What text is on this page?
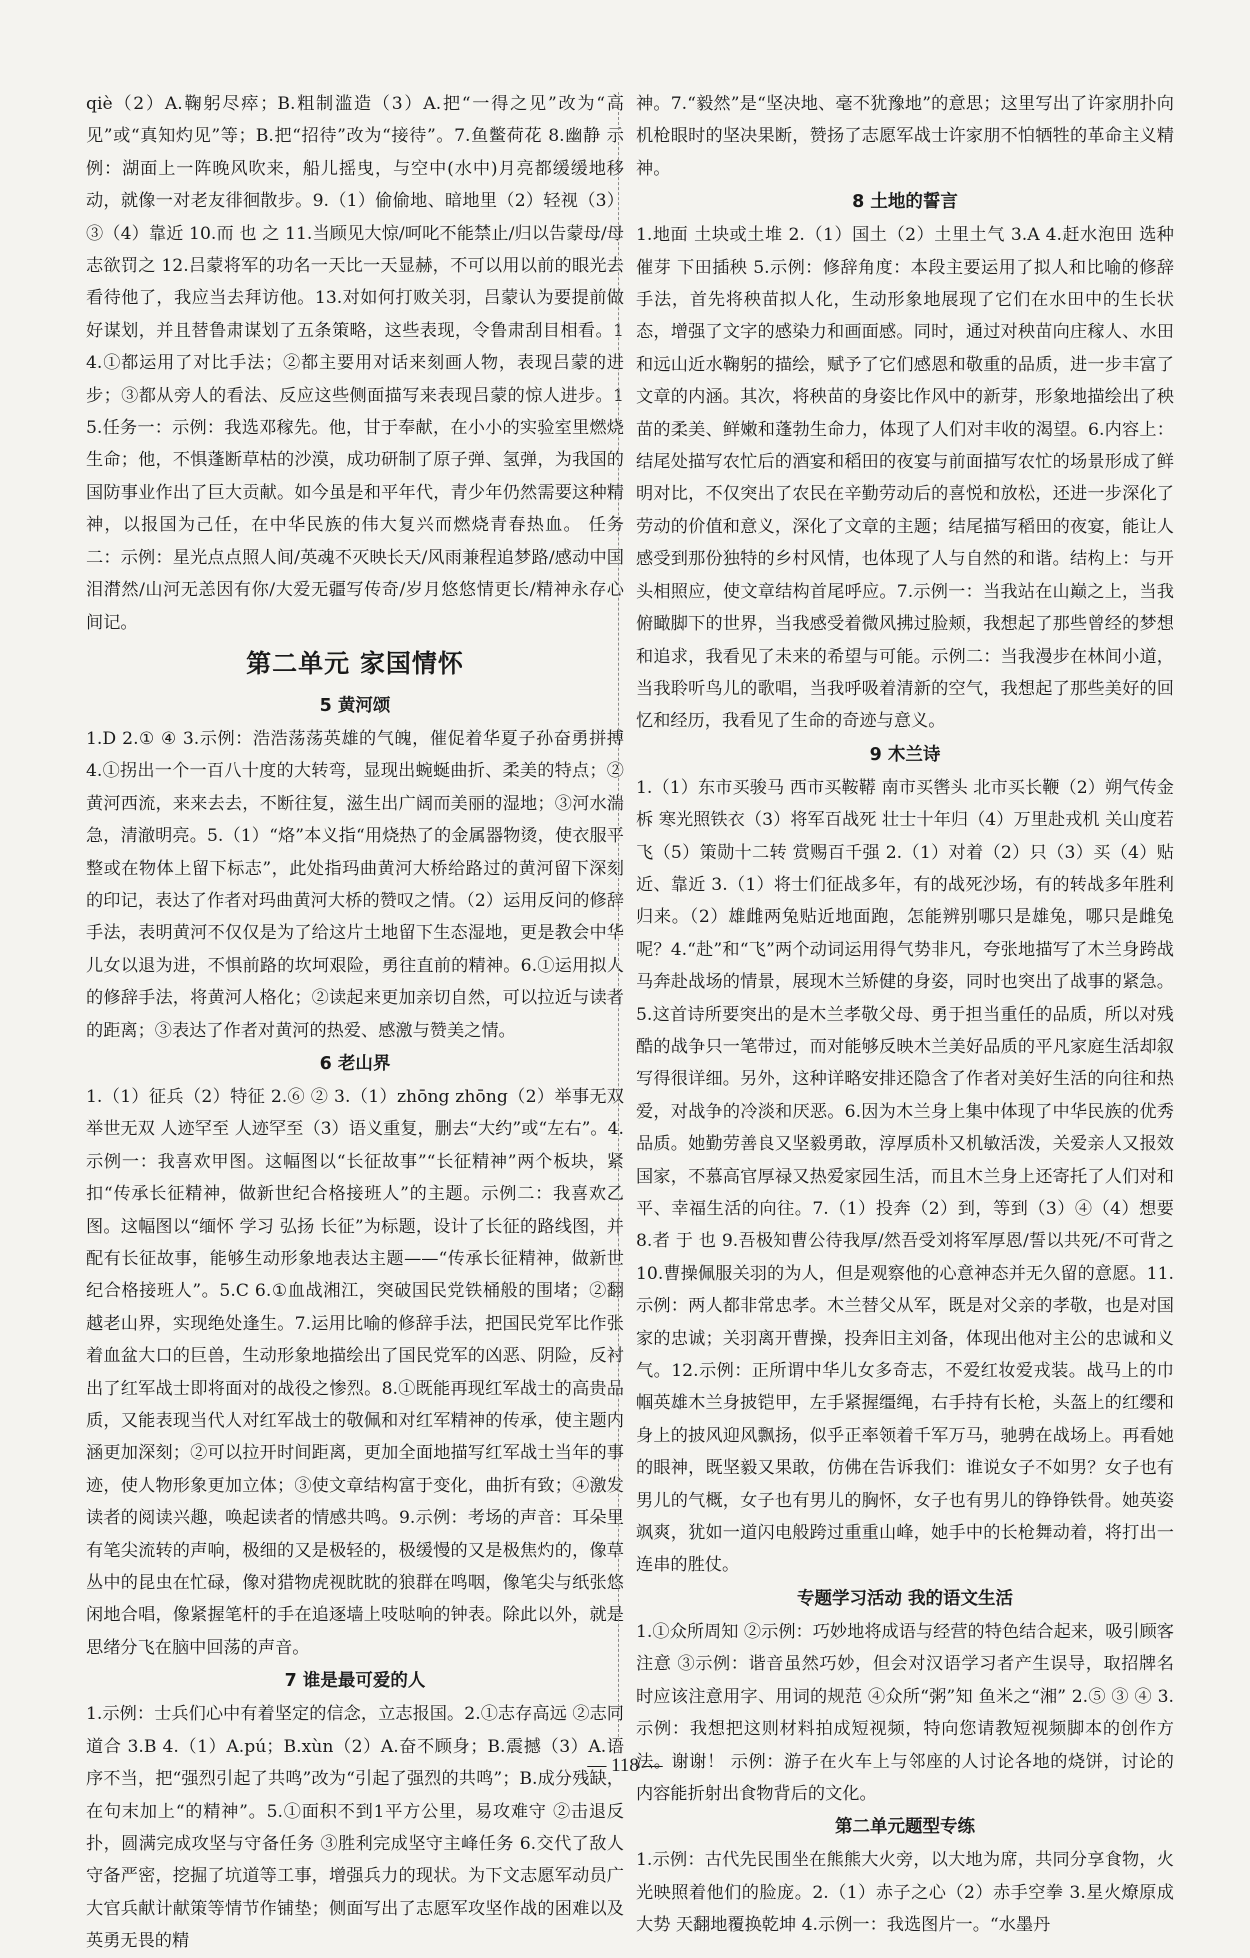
qiè（2）A.鞠躬尽瘁；B.粗制滥造（3）A.把“一得之见”改为“高见”或“真知灼见”等；B.把“招待”改为“接待”。7.鱼鳖荷花 8.幽静 示例：湖面上一阵晚风吹来，船儿摇曳，与空中(水中)月亮都缓缓地移动，就像一对老友徘徊散步。9.（1）偷偷地、暗地里（2）轻视（3）③（4）靠近 10.而 也 之 11.当顾见大惊/呵叱不能禁止/归以告蒙母/母志欲罚之 12.吕蒙将军的功名一天比一天显赫，不可以用以前的眼光去看待他了，我应当去拜访他。13.对如何打败关羽，吕蒙认为要提前做好谋划，并且替鲁肃谋划了五条策略，这些表现，令鲁肃刮目相看。14.①都运用了对比手法；②都主要用对话来刻画人物，表现吕蒙的进步；③都从旁人的看法、反应这些侧面描写来表现吕蒙的惊人进步。15.任务一：示例：我选邓稼先。他，甘于奉献，在小小的实验室里燃烧生命；他，不惧蓬断草枯的沙漠，成功研制了原子弹、氢弹，为我国的国防事业作出了巨大贡献。如今虽是和平年代，青少年仍然需要这种精神，以报国为己任，在中华民族的伟大复兴而燃烧青春热血。 任务二：示例：星光点点照人间/英魂不灭映长天/风雨兼程追梦路/感动中国泪潸然/山河无恙因有你/大爱无疆写传奇/岁月悠悠情更长/精神永存心间记。

第二单元 家国情怀
5 黄河颂

1.D 2.① ④ 3.示例：浩浩荡荡英雄的气魄，催促着华夏子孙奋勇拼搏 4.①拐出一个一百八十度的大转弯，显现出蜿蜒曲折、柔美的特点；②黄河西流，来来去去，不断往复，滋生出广阔而美丽的湿地；③河水湍急，清澈明亮。5.（1）“烙”本义指“用烧热了的金属器物烫，使衣服平整或在物体上留下标志”，此处指玛曲黄河大桥给路过的黄河留下深刻的印记，表达了作者对玛曲黄河大桥的赞叹之情。（2）运用反问的修辞手法，表明黄河不仅仅是为了给这片土地留下生态湿地，更是教会中华儿女以退为进，不惧前路的坎坷艰险，勇往直前的精神。6.①运用拟人的修辞手法，将黄河人格化；②读起来更加亲切自然，可以拉近与读者的距离；③表达了作者对黄河的热爱、感激与赞美之情。

6 老山界

1.（1）征兵（2）特征 2.⑥ ② 3.（1）zhōng zhōng（2）举事无双 举世无双 人迹罕至 人迹罕至（3）语义重复，删去“大约”或“左右”。4.示例一：我喜欢甲图。这幅图以“长征故事”“长征精神”两个板块，紧扣“传承长征精神，做新世纪合格接班人”的主题。示例二：我喜欢乙图。这幅图以“缅怀 学习 弘扬 长征”为标题，设计了长征的路线图，并配有长征故事，能够生动形象地表达主题——“传承长征精神，做新世纪合格接班人”。5.C 6.①血战湘江，突破国民党铁桶般的围堵；②翻越老山界，实现绝处逢生。7.运用比喻的修辞手法，把国民党军比作张着血盆大口的巨兽，生动形象地描绘出了国民党军的凶恶、阴险，反衬出了红军战士即将面对的战役之惨烈。8.①既能再现红军战士的高贵品质，又能表现当代人对红军战士的敬佩和对红军精神的传承，使主题内涵更加深刻；②可以拉开时间距离，更加全面地描写红军战士当年的事迹，使人物形象更加立体；③使文章结构富于变化，曲折有致；④激发读者的阅读兴趣，唤起读者的情感共鸣。9.示例：考场的声音：耳朵里有笔尖流转的声响，极细的又是极轻的，极缓慢的又是极焦灼的，像草丛中的昆虫在忙碌，像对猎物虎视眈眈的狼群在鸣咽，像笔尖与纸张悠闲地合唱，像紧握笔杆的手在追逐墙上吱哒响的钟表。除此以外，就是思绪分飞在脑中回荡的声音。

7 谁是最可爱的人

1.示例：士兵们心中有着坚定的信念，立志报国。2.①志存高远 ②志同道合 3.B 4.（1）A.pú；B.xùn（2）A.奋不顾身；B.震撼（3）A.语序不当，把“强烈引起了共鸣”改为“引起了强烈的共鸣”；B.成分残缺，在句末加上“的精神”。5.①面积不到1平方公里，易攻难守 ②击退反扑，圆满完成攻坚与守备任务 ③胜利完成坚守主峰任务 6.交代了敌人守备严密，挖掘了坑道等工事，增强兵力的现状。为下文志愿军动员广大官兵献计献策等情节作铺垫；侧面写出了志愿军攻坚作战的困难以及英勇无畏的精

神。7.“毅然”是“坚决地、毫不犹豫地”的意思；这里写出了许家朋扑向机枪眼时的坚决果断，赞扬了志愿军战士许家朋不怕牺牲的革命主义精神。

8 土地的誓言

1.地面 土块或土堆 2.（1）国土（2）土里土气 3.A 4.赶水泡田 选种催芽 下田插秧 5.示例：修辞角度：本段主要运用了拟人和比喻的修辞手法，首先将秧苗拟人化，生动形象地展现了它们在水田中的生长状态，增强了文字的感染力和画面感。同时，通过对秧苗向庄稼人、水田和远山近水鞠躬的描绘，赋予了它们感恩和敬重的品质，进一步丰富了文章的内涵。其次，将秧苗的身姿比作风中的新芽，形象地描绘出了秧苗的柔美、鲜嫩和蓬勃生命力，体现了人们对丰收的渴望。6.内容上：结尾处描写农忙后的酒宴和稻田的夜宴与前面描写农忙的场景形成了鲜明对比，不仅突出了农民在辛勤劳动后的喜悦和放松，还进一步深化了劳动的价值和意义，深化了文章的主题；结尾描写稻田的夜宴，能让人感受到那份独特的乡村风情，也体现了人与自然的和谐。结构上：与开头相照应，使文章结构首尾呼应。7.示例一：当我站在山巅之上，当我俯瞰脚下的世界，当我感受着微风拂过脸颊，我想起了那些曾经的梦想和追求，我看见了未来的希望与可能。示例二：当我漫步在林间小道，当我聆听鸟儿的歌唱，当我呼吸着清新的空气，我想起了那些美好的回忆和经历，我看见了生命的奇迹与意义。

9 木兰诗

1.（1）东市买骏马 西市买鞍鞯 南市买辔头 北市买长鞭（2）朔气传金柝 寒光照铁衣（3）将军百战死 壮士十年归（4）万里赴戎机 关山度若飞（5）策勋十二转 赏赐百千强 2.（1）对着（2）只（3）买（4）贴近、靠近 3.（1）将士们征战多年，有的战死沙场，有的转战多年胜利归来。（2）雄雌两兔贴近地面跑，怎能辨别哪只是雄兔，哪只是雌兔呢？4.“赴”和“飞”两个动词运用得气势非凡，夸张地描写了木兰身跨战马奔赴战场的情景，展现木兰矫健的身姿，同时也突出了战事的紧急。5.这首诗所要突出的是木兰孝敬父母、勇于担当重任的品质，所以对残酷的战争只一笔带过，而对能够反映木兰美好品质的平凡家庭生活却叙写得很详细。另外，这种详略安排还隐含了作者对美好生活的向往和热爱，对战争的冷淡和厌恶。6.因为木兰身上集中体现了中华民族的优秀品质。她勤劳善良又坚毅勇敢，淳厚质朴又机敏活泼，关爱亲人又报效国家，不慕高官厚禄又热爱家园生活，而且木兰身上还寄托了人们对和平、幸福生活的向往。7.（1）投奔（2）到，等到（3）④（4）想要 8.者 于 也 9.吾极知曹公待我厚/然吾受刘将军厚恩/誓以共死/不可背之 10.曹操佩服关羽的为人，但是观察他的心意神态并无久留的意愿。11.示例：两人都非常忠孝。木兰替父从军，既是对父亲的孝敬，也是对国家的忠诚；关羽离开曹操，投奔旧主刘备，体现出他对主公的忠诚和义气。12.示例：正所谓中华儿女多奇志，不爱红妆爱戎装。战马上的巾帼英雄木兰身披铠甲，左手紧握缰绳，右手持有长枪，头盔上的红缨和身上的披风迎风飘扬，似乎正率领着千军万马，驰骋在战场上。再看她的眼神，既坚毅又果敢，仿佛在告诉我们：谁说女子不如男？女子也有男儿的气概，女子也有男儿的胸怀，女子也有男儿的铮铮铁骨。她英姿飒爽，犹如一道闪电般跨过重重山峰，她手中的长枪舞动着，将打出一连串的胜仗。

专题学习活动 我的语文生活

1.①众所周知 ②示例：巧妙地将成语与经营的特色结合起来，吸引顾客注意 ③示例：谐音虽然巧妙，但会对汉语学习者产生误导，取招牌名时应该注意用字、用词的规范 ④众所“粥”知 鱼米之“湘” 2.⑤ ③ ④ 3.示例：我想把这则材料拍成短视频，特向您请教短视频脚本的创作方法。谢谢！ 示例：游子在火车上与邻座的人讨论各地的烧饼，讨论的内容能折射出食物背后的文化。

第二单元题型专练

1.示例：古代先民围坐在熊熊大火旁，以大地为席，共同分享食物，火光映照着他们的脸庞。2.（1）赤子之心（2）赤手空拳 3.星火燎原成大势 天翻地覆换乾坤 4.示例一：我选图片一。“水墨丹

— 118 —
